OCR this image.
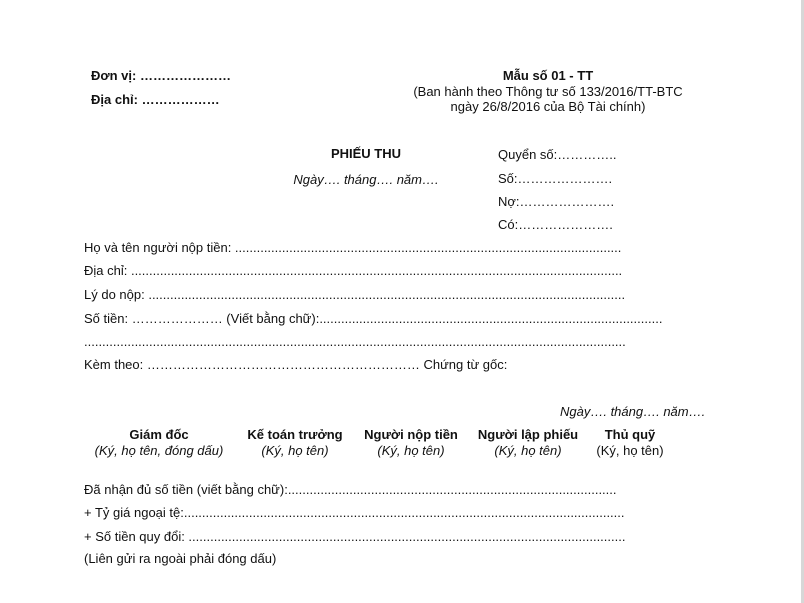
Đơn vị: …………………
Địa chỉ: ………………
Mẫu số 01 - TT
(Ban hành theo Thông tư số 133/2016/TT-BTC
ngày 26/8/2016 của Bộ Tài chính)
PHIẾU THU
Ngày…. tháng…. năm….
Quyển số:…………..
Số:………………….
Nợ:………………….
Có:………………….
Họ và tên người nộp tiền: ...........................................................................................................
Địa chỉ: ........................................................................................................................................
Lý do nộp: ....................................................................................................................................
Số tiền: ………………… (Viết bằng chữ):...............................................................................................
......................................................................................................................................................
Kèm theo: ……………………………………………………… Chứng từ gốc:
Ngày…. tháng…. năm….
Giám đốc
(Ký, họ tên, đóng dấu)
Kế toán trưởng
(Ký, họ tên)
Người nộp tiền
(Ký, họ tên)
Người lập phiếu
(Ký, họ tên)
Thủ quỹ
(Ký, họ tên)
Đã nhận đủ số tiền (viết bằng chữ):...........................................................................................
+ Tỷ giá ngoại tệ:..........................................................................................................................
+ Số tiền quy đổi: .........................................................................................................................
(Liên gửi ra ngoài phải đóng dấu)
